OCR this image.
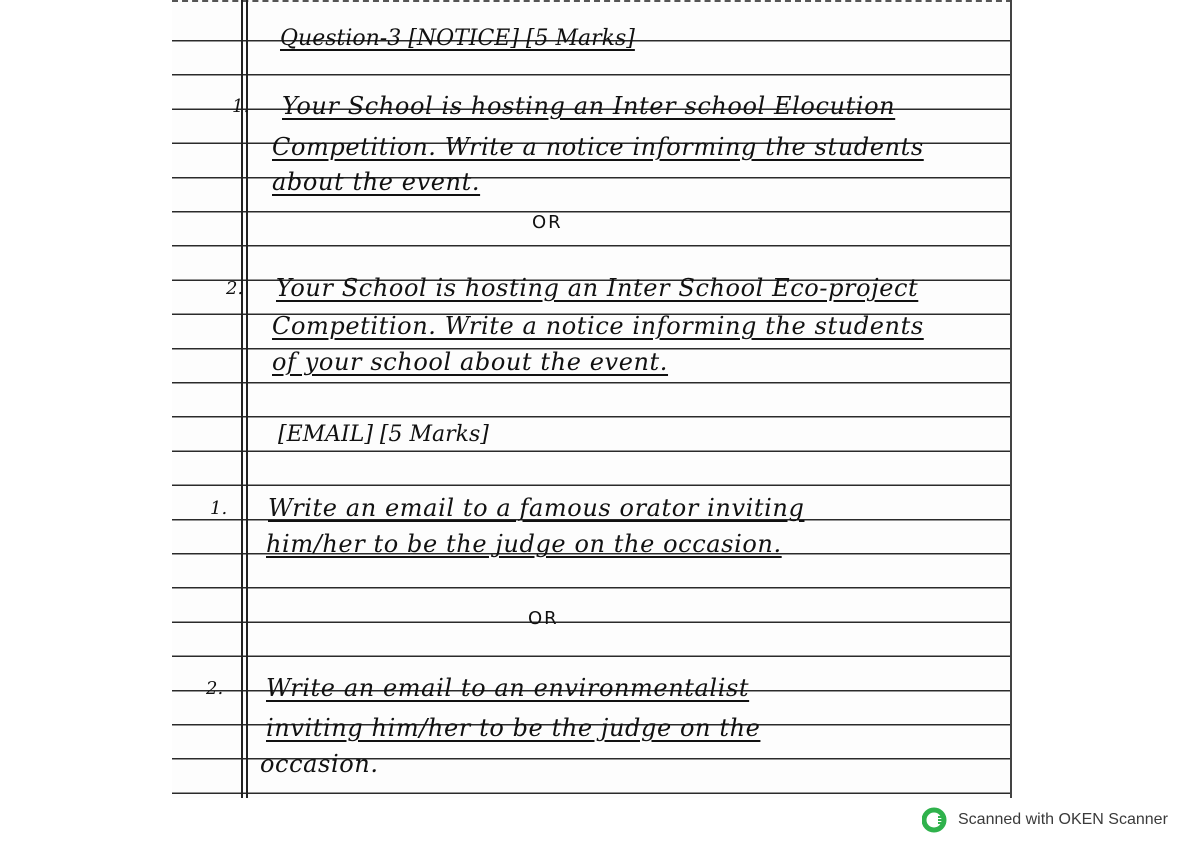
Question-3 [NOTICE] [5 Marks]
1. Your School is hosting an Inter school Elocution
Competition. Write a notice informing the students
about the event.
OR
2. Your School is hosting an Inter School Eco-project
Competition. Write a notice informing the students
of your school about the event.
[EMAIL] [5 Marks]
1. Write an email to a famous orator inviting
him/her to be the judge on the occasion.
OR
2. Write an email to an environmentalist
inviting him/her to be the judge on the
occasion.
Scanned with OKEN Scanner
